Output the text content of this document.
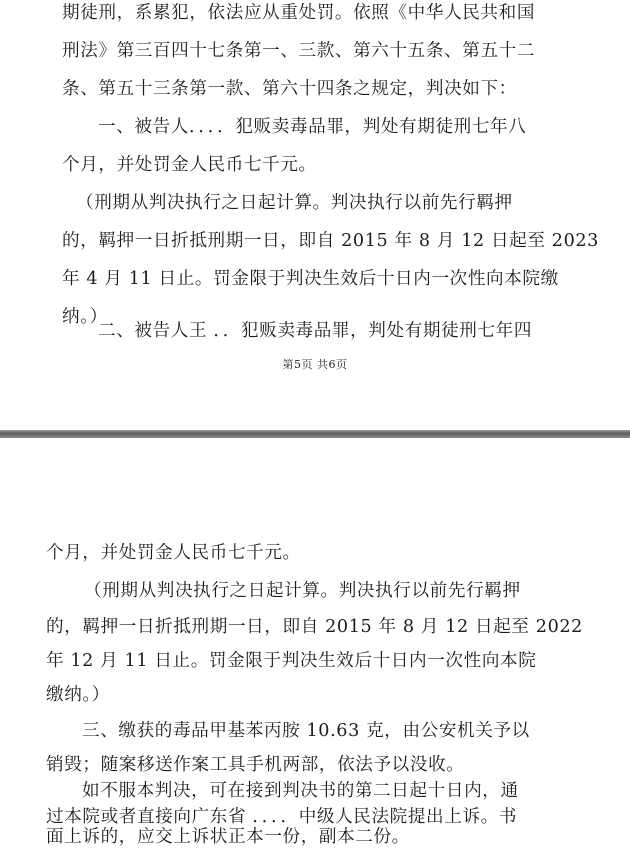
期徒刑，系累犯，依法应从重处罚。依照《中华人民共和国
刑法》第三百四十七条第一、三款、第六十五条、第五十二
条、第五十三条第一款、第六十四条之规定，判决如下：
一、被告人．．．．犯贩卖毒品罪，判处有期徒刑七年八
个月，并处罚金人民币七千元。
（刑期从判决执行之日起计算。判决执行以前先行羁押
的，羁押一日折抵刑期一日，即自 2015 年 8 月 12 日起至 2023
年 4 月 11 日止。罚金限于判决生效后十日内一次性向本院缴
纳。）
二、被告人王 ．．犯贩卖毒品罪，判处有期徒刑七年四
第5页 共6页
个月，并处罚金人民币七千元。
（刑期从判决执行之日起计算。判决执行以前先行羁押
的，羁押一日折抵刑期一日，即自 2015 年 8 月 12 日起至 2022
年 12 月 11 日止。罚金限于判决生效后十日内一次性向本院
缴纳。）
三、缴获的毒品甲基苯丙胺 10.63 克，由公安机关予以
销毁；随案移送作案工具手机两部，依法予以没收。
如不服本判决，可在接到判决书的第二日起十日内，通
过本院或者直接向广东省 ．．．．中级人民法院提出上诉。书
面上诉的，应交上诉状正本一份，副本二份。
